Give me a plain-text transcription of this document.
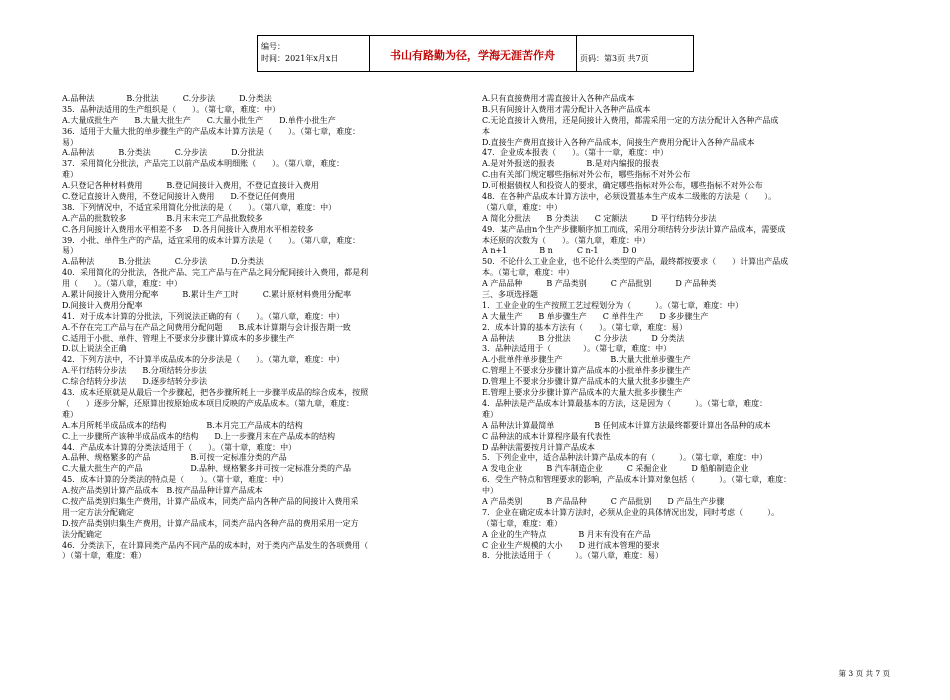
编号：
时间：2021年x月x日	书山有路勤为径，学海无涯苦作舟	页码：第3页 共7页
A.品种法　　　　B.分批法　　　C.分步法　　　D.分类法
35．品种法适用的生产组织是（　　）。（第七章，难度：中）
A.大量成批生产　　B.大量大批生产　　C.大量小批生产　　D.单件小批生产
36．适用于大量大批的单步骤生产的产品成本计算方法是（　　）。（第七章，难度：
易）
A.品种法　　　B.分类法　　　C.分步法　　　D.分批法
37．采用简化分批法，产品完工以前产品成本明细账（　　）。（第八章，难度：
难）
A.只登记各种材料费用　　　B.登记间接计入费用，不登记直接计入费用
C.登记直接计入费用，不登记间接计入费用　　D.不登记任何费用
38．下列情况中，不适宜采用简化分批法的是（　　）。（第八章，难度：中）
A.产品的批数较多　　　　　B.月末未完工产品批数较多
C.各月间接计入费用水平相差不多　 D.各月间接计入费用水平相差较多
39．小批、单件生产的产品，适宜采用的成本计算方法是（　　）。（第八章，难度：
易）
A.品种法　　　B.分批法　　　C.分步法　　　D.分类法
40．采用简化的分批法，各批产品、完工产品与在产品之间分配间接计入费用，都是利
用（　　）。（第八章，难度：中）
A.累计间接计入费用分配率　　　B.累计生产工时　　　C.累计原材料费用分配率
D.间接计入费用分配率
41．对于成本计算的分批法，下列说法正确的有（　　）。（第八章，难度：中）
A.不存在完工产品与在产品之间费用分配问题　　B.成本计算期与会计报告期一致
C.适用于小批、单件、管理上不要求分步骤计算成本的多步骤生产
D.以上说法全正确
42．下列方法中，不计算半成品成本的分步法是（　　）。（第九章，难度：中）
A.平行结转分步法　　B.分项结转分步法
C.综合结转分步法　　D.逐步结转分步法
43．成本还原就是从最后一个步骤起，把各步骤所耗上一步骤半成品的综合成本，按照
（　　）逐步分解，还原算出按原始成本项目反映的产成品成本。（第九章，难度：
难）
A.本月所耗半成品成本的结构　　　　　B.本月完工产品成本的结构
C.上一步骤所产该种半成品成本的结构　　D.上一步骤月末在产品成本的结构
44．产品成本计算的分类法适用于（　　）。（第十章，难度：中）
A.品种、规格繁多的产品　　　　　B.可按一定标准分类的产品
C.大量大批生产的产品　　　　　　D.品种、规格繁多并可按一定标准分类的产品
45．成本计算的分类法的特点是（　　）。（第十章，难度：中）
A.按产品类别计算产品成本　B.按产品品种计算产品成本
C.按产品类别归集生产费用，计算产品成本，同类产品内各种产品的间接计入费用采
用一定方法分配确定
D.按产品类别归集生产费用，计算产品成本，同类产品内各种产品的费用采用一定方
法分配确定
46．分类法下，在计算同类产品内不同产品的成本时，对于类内产品发生的各项费用（
）（第十章，难度：难）
A.只有直接费用才需直接计入各种产品成本
B.只有间接计入费用才需分配计入各种产品成本
C.无论直接计入费用，还是间接计入费用，都需采用一定的方法分配计入各种产品成
本
D.直接生产费用直接计入各种产品成本，间接生产费用分配计入各种产品成本
47．企业成本报表（　　）。（第十一章，难度：中）
A.是对外报送的报表　　　　B.是对内编报的报表
C.由有关部门规定哪些指标对外公布，哪些指标不对外公布
D.可根据债权人和投资人的要求，确定哪些指标对外公布，哪些指标不对外公布
48．在各种产品成本计算方法中，必须设置基本生产成本二级账的方法是（　　）。
（第八章，难度：中）
A 简化分批法　　B 分类法　　C 定额法　　　D 平行结转分步法
49．某产品由n个生产步骤顺序加工而成，采用分项结转分步法计算产品成本，需要成
本还原的次数为（　　）。（第九章，难度：中）
A n+1　　　　B n　　　C n-1　　　D 0
50．不论什么工业企业，也不论什么类型的产品，最终都按要求（　　）计算出产品成
本。（第七章，难度：中）
A 产品品种　　　B 产品类别　　　C 产品批别　　　D 产品种类
三、多项选择题
1．工业企业的生产按照工艺过程划分为（　　　）。（第七章，难度：中）
A 大量生产　　B 单步骤生产　　C 单件生产　　D 多步骤生产
2．成本计算的基本方法有（　　）。（第七章，难度：易）
A 品种法　　　B 分批法　　　C 分步法　　　D 分类法
3．品种法适用于（　　　　）。（第七章，难度：中）
A.小批单件单步骤生产　　　　　　B.大量大批单步骤生产
C.管理上不要求分步骤计算产品成本的小批单件多步骤生产
D.管理上不要求分步骤计算产品成本的大量大批多步骤生产
E.管理上要求分步骤计算产品成本的大量大批多步骤生产
4．品种法是产品成本计算最基本的方法，这是因为（　　　）。（第七章，难度：
难）
A 品种法计算最简单　　　　　B 任何成本计算方法最终都要计算出各品种的成本
C 品种法的成本计算程序最有代表性
D 品种法需要按月计算产品成本
5．下列企业中，适合品种法计算产品成本的有（　　　）。（第七章，难度：中）
A 发电企业　　　B 汽车制造企业　　　C 采掘企业　　　D 船舶制造企业
6．受生产特点和管理要求的影响，产品成本计算对象包括（　　　）。（第七章，难度：
中）
A 产品类别　　　B 产品品种　　　C 产品批别　　D 产品生产步骤
7．企业在确定成本计算方法时，必须从企业的具体情况出发，同时考虑（　　　）。
（第七章，难度：难）
A 企业的生产特点　　　　B 月末有没有在产品
C 企业生产规模的大小　　D 进行成本管理的要求
8．分批法适用于（　　　）。（第八章，难度：易）
第 3 页 共 7 页
